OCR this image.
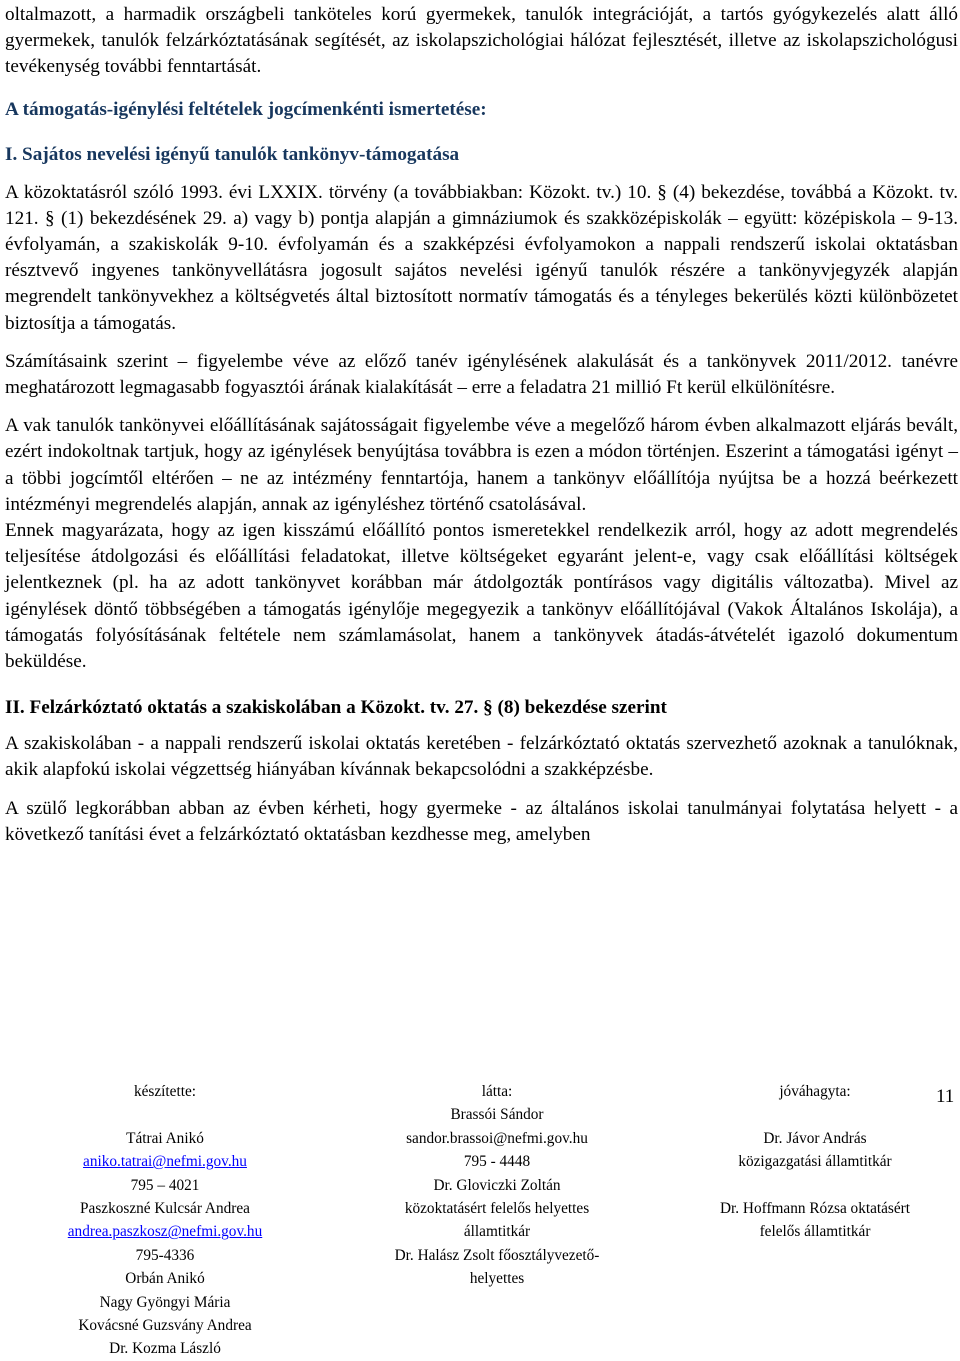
oltalmazott, a harmadik országbeli tanköteles korú gyermekek, tanulók integrációját, a tartós gyógykezelés alatt álló gyermekek, tanulók felzárkóztatásának segítését, az iskolapszichológiai hálózat fejlesztését, illetve az iskolapszichológusi tevékenység további fenntartását.

A támogatás-igénylési feltételek jogcímenkénti ismertetése:
I. Sajátos nevelési igényű tanulók tankönyv-támogatása

A közoktatásról szóló 1993. évi LXXIX. törvény (a továbbiakban: Közokt. tv.) 10. § (4) bekezdése, továbbá a Közokt. tv. 121. § (1) bekezdésének 29. a) vagy b) pontja alapján a gimnáziumok és szakközépiskolák – együtt: középiskola – 9-13. évfolyamán, a szakiskolák 9-10. évfolyamán és a szakképzési évfolyamokon a nappali rendszerű iskolai oktatásban résztvevő ingyenes tankönyvellátásra jogosult sajátos nevelési igényű tanulók részére a tankönyvjegyzék alapján megrendelt tankönyvekhez a költségvetés által biztosított normatív támogatás és a tényleges bekerülés közti különbözetet biztosítja a támogatás.

Számításaink szerint – figyelembe véve az előző tanév igénylésének alakulását és a tankönyvek 2011/2012. tanévre meghatározott legmagasabb fogyasztói árának kialakítását – erre a feladatra 21 millió Ft kerül elkülönítésre.

A vak tanulók tankönyvei előállításának sajátosságait figyelembe véve a megelőző három évben alkalmazott eljárás bevált, ezért indokoltnak tartjuk, hogy az igénylések benyújtása továbbra is ezen a módon történjen. Eszerint a támogatási igényt – a többi jogcímtől eltérően – ne az intézmény fenntartója, hanem a tankönyv előállítója nyújtsa be a hozzá beérkezett intézményi megrendelés alapján, annak az igényléshez történő csatolásával.

Ennek magyarázata, hogy az igen kisszámú előállító pontos ismeretekkel rendelkezik arról, hogy az adott megrendelés teljesítése átdolgozási és előállítási feladatokat, illetve költségeket egyaránt jelent-e, vagy csak előállítási költségek jelentkeznek (pl. ha az adott tankönyvet korábban már átdolgozták pontírásos vagy digitális változatba). Mivel az igénylések döntő többségében a támogatás igénylője megegyezik a tankönyv előállítójával (Vakok Általános Iskolája), a támogatás folyósításának feltétele nem számlamásolat, hanem a tankönyvek átadás-átvételét igazoló dokumentum beküldése.

II. Felzárkóztató oktatás a szakiskolában a Közokt. tv. 27. § (8) bekezdése szerint

A szakiskolában - a nappali rendszerű iskolai oktatás keretében - felzárkóztató oktatás szervezhető azoknak a tanulóknak, akik alapfokú iskolai végzettség hiányában kívánnak bekapcsolódni a szakképzésbe.

A szülő legkorábban abban az évben kérheti, hogy gyermeke - az általános iskolai tanulmányai folytatása helyett - a következő tanítási évet a felzárkóztató oktatásban kezdhesse meg, amelyben

készítette:
Tátrai Anikó
aniko.tatrai@nefmi.gov.hu
795 – 4021
Paszkoszné Kulcsár Andrea
andrea.paszkosz@nefmi.gov.hu
795-4336
Orbán Anikó
Nagy Gyöngyi Mária
Kovácsné Guzsvány Andrea
Dr. Kozma László
látta:
Brassói Sándor
sandor.brassoi@nefmi.gov.hu
795 - 4448
Dr. Gloviczki Zoltán
közoktatásért felelős helyettes
államtitkár
Dr. Halász Zsolt főosztályvezető-
helyettes
jóváhagyta:
Dr. Jávor András
közigazgatási államtitkár
Dr. Hoffmann Rózsa oktatásért
felelős államtitkár
11
